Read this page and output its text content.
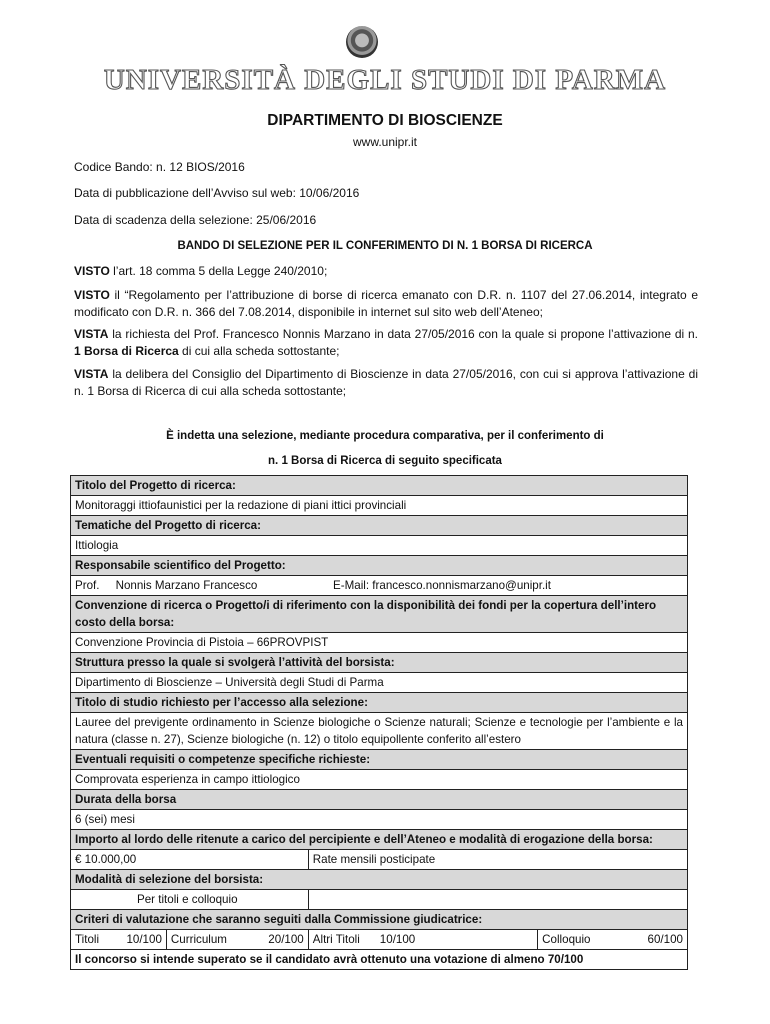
UNIVERSITÀ DEGLI STUDI DI PARMA
DIPARTIMENTO DI BIOSCIENZE
www.unipr.it
Codice Bando: n. 12 BIOS/2016
Data di pubblicazione dell’Avviso sul web: 10/06/2016
Data di scadenza della selezione: 25/06/2016
BANDO DI SELEZIONE PER IL CONFERIMENTO DI N. 1 BORSA DI RICERCA
VISTO l’art. 18 comma 5 della Legge 240/2010;
VISTO il “Regolamento per l’attribuzione di borse di ricerca emanato con D.R. n. 1107 del 27.06.2014, integrato e modificato con D.R. n. 366 del 7.08.2014, disponibile in internet sul sito web dell’Ateneo;
VISTA la richiesta del Prof. Francesco Nonnis Marzano in data 27/05/2016 con la quale si propone l’attivazione di n. 1 Borsa di Ricerca di cui alla scheda sottostante;
VISTA la delibera del Consiglio del Dipartimento di Bioscienze in data 27/05/2016, con cui si approva l’attivazione di n. 1 Borsa di Ricerca di cui alla scheda sottostante;
È indetta una selezione, mediante procedura comparativa, per il conferimento di
n. 1 Borsa di Ricerca di seguito specificata
Titolo del Progetto di ricerca:			
Monitoraggi ittiofaunistici per la redazione di piani ittici provinciali			
Tematiche del Progetto di ricerca:			
Ittiologia			
Responsabile scientifico del Progetto:			
Prof.     Nonnis Marzano Francesco E-Mail: francesco.nonnismarzano@unipr.it			
Convenzione di ricerca o Progetto/i di riferimento con la disponibilità dei fondi per la copertura dell’intero costo della borsa:			
Convenzione Provincia di Pistoia – 66PROVPIST			
Struttura presso la quale si svolgerà l’attività del borsista:			
Dipartimento di Bioscienze – Università degli Studi di Parma			
Titolo di studio richiesto per l’accesso alla selezione:			
Lauree del previgente ordinamento in Scienze biologiche o Scienze naturali; Scienze e tecnologie per l’ambiente e la natura (classe n. 27), Scienze biologiche (n. 12) o titolo equipollente conferito all’estero			
Eventuali requisiti o competenze specifiche richieste:			
Comprovata esperienza in campo ittiologico			
Durata della borsa			
6 (sei) mesi			
Importo al lordo delle ritenute a carico del percipiente e dell’Ateneo e modalità di erogazione della borsa:			
€ 10.000,00		Rate mensili posticipate	
Modalità di selezione del borsista:			
Per titoli e colloquio			
Criteri di valutazione che saranno seguiti dalla Commissione giudicatrice:			

Titoli 10/100	Curriculum 20/100	Altri Titoli 10/100	Colloquio 60/100

Il concorso si intende superato se il candidato avrà ottenuto una votazione di almeno 70/100			
